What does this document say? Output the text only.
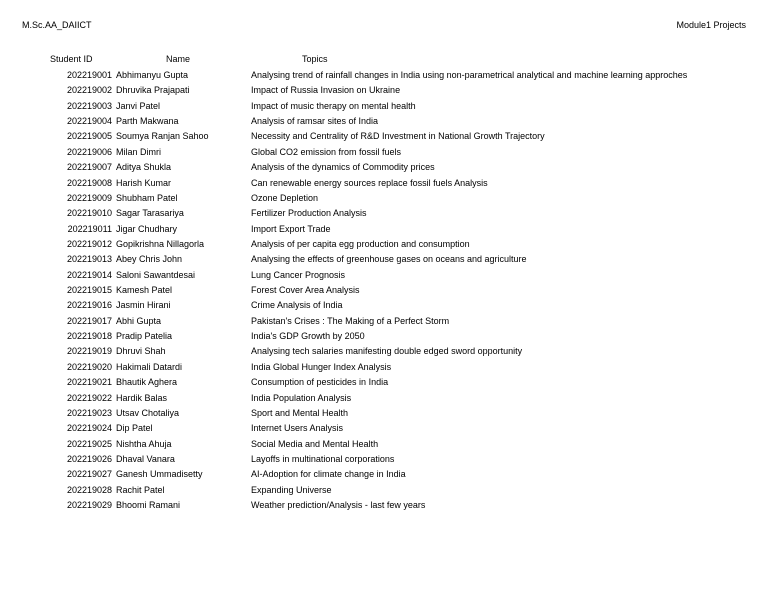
M.Sc.AA_DAIICT	Module1 Projects
Student ID	Name	Topics
202219001 Abhimanyu Gupta	Analysing trend of rainfall changes in India using non-parametrical analytical and machine learning approches
202219002 Dhruvika Prajapati	Impact of Russia Invasion on Ukraine
202219003 Janvi Patel	Impact of music therapy on mental health
202219004 Parth Makwana	Analysis of ramsar sites of India
202219005 Soumya Ranjan Sahoo	Necessity and Centrality of R&D Investment in National Growth Trajectory
202219006 Milan Dimri	Global CO2 emission from fossil fuels
202219007 Aditya Shukla	Analysis of the dynamics of Commodity prices
202219008 Harish Kumar	Can renewable energy sources replace fossil fuels Analysis
202219009 Shubham Patel	Ozone Depletion
202219010 Sagar Tarasariya	Fertilizer Production Analysis
202219011 Jigar Chudhary	Import Export Trade
202219012 Gopikrishna Nillagorla	Analysis of per capita egg production and consumption
202219013 Abey Chris John	Analysing the effects of greenhouse gases on oceans and agriculture
202219014 Saloni Sawantdesai	Lung Cancer Prognosis
202219015 Kamesh Patel	Forest Cover Area Analysis
202219016 Jasmin Hirani	Crime Analysis of India
202219017 Abhi Gupta	Pakistan's Crises : The Making of a Perfect Storm
202219018 Pradip Patelia	India's GDP Growth by 2050
202219019 Dhruvi Shah	Analysing tech salaries manifesting double edged sword opportunity
202219020 Hakimali Datardi	India Global Hunger Index Analysis
202219021 Bhautik Aghera	Consumption of pesticides in India
202219022 Hardik Balas	India Population Analysis
202219023 Utsav Chotaliya	Sport and Mental Health
202219024 Dip Patel	Internet Users Analysis
202219025 Nishtha Ahuja	Social Media and Mental Health
202219026 Dhaval Vanara	Layoffs in multinational corporations
202219027 Ganesh Ummadisetty	AI-Adoption for climate change in India
202219028 Rachit Patel	Expanding Universe
202219029 Bhoomi Ramani	Weather prediction/Analysis - last few years
